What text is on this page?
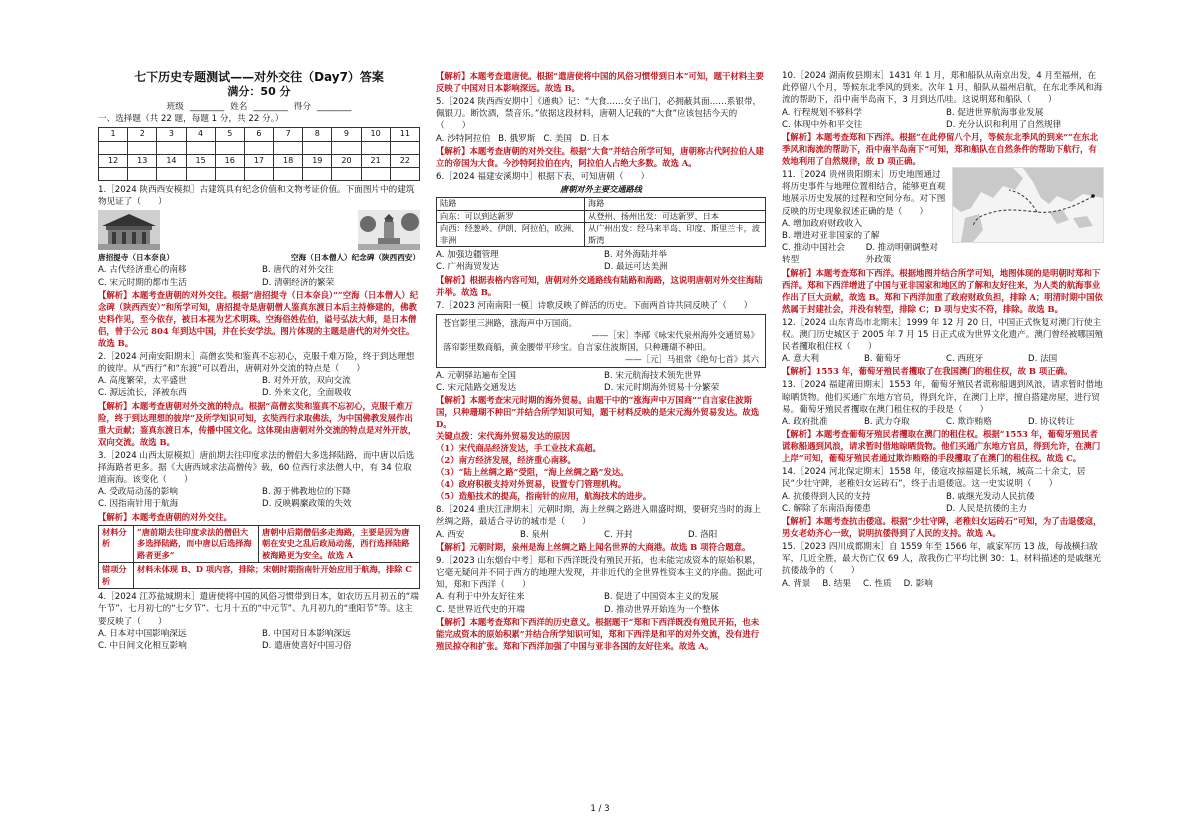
七下历史专题测试——对外交往（Day7）答案
满分：50 分
班级 ________ 姓名 ________ 得分 ________
一、选择题（共 22 题，每题 1 分，共 22 分。）
1	2	3	4	5	6	7	8	9	10	11

12	13	14	15	16	17	18	19	20	21	22

1.［2024 陕西西安模拟］古建筑具有纪念价值和文物考证价值。下面图片中的建筑物见证了（　　）
唐招提寺（日本奈良）	空海（日本僧人）纪念碑（陕西西安）
A. 古代经济重心的南移	B. 唐代的对外交往
C. 宋元时期的都市生活	D. 清朝经济的繁荣
【解析】本题考查唐朝的对外交往。根据“唐招提寺（日本奈良）”“空海（日本僧人）纪念碑（陕西西安）”和所学可知，唐招提寺是唐朝僧人鉴真东渡日本后主持修建的，佛教史料作见，至今依存，被日本视为艺术明珠。空海俗姓佐伯，谥号弘法大师，是日本僧侣，曾于公元 804 年到达中国，并在长安学法。图片体现的主题是唐代的对外交往。故选 B。
2.［2024 河南安阳期末］高僧玄奘和鉴真不忘初心，克服千难万险，终于到达理想的彼岸。从“西行”和“东渡”可以看出，唐朝对外交流的特点是（　　）
A. 高度繁荣，太平盛世	B. 对外开放，双向交流
C. 源远流长，泽被东西	D. 外来文化，全面吸收
【解析】本题考查唐朝对外交流的特点。根据“高僧玄奘和鉴真不忘初心，克服千难万险，终于到达理想的彼岸”及所学知识可知，玄奘西行求取佛法，为中国佛教发展作出重大贡献；鉴真东渡日本，传播中国文化。这体现由唐朝对外交流的特点是对外开放，双向交流。故选 B。
3.［2024 山西太原模拟］唐前期去往印度求法的僧侣大多选择陆路，而中唐以后选择海路者更多。据《大唐西域求法高僧传》载，60 位西行求法僧人中，有 34 位取道南海。该变化（　　）
A. 受政局动荡的影响	B. 源于佛教地位的下降
C. 因指南针用于航海	D. 反映羁縻政策的失效
【解析】本题考查唐朝的对外交往。
材料分析	“唐前期去往印度求法的僧侣大多选择陆路，而中唐以后选择海路者更多”	唐朝中后期僧侣多走海路，主要是因为唐朝在安史之乱后政局动荡，西行选择陆路被海路更为安全。故选 A
错项分析	材料未体现 B、D 项内容，排除；宋朝时期指南针开始应用于航海，排除 C	
4.［2024 江苏盐城期末］遣唐使将中国的风俗习惯带到日本，如农历五月初五的“端午节”、七月初七的“七夕节”、七月十五的“中元节”、九月初九的“重阳节”等。这主要反映了（　　）
A. 日本对中国影响深远	B. 中国对日本影响深远
C. 中日间文化相互影响	D. 遣唐使喜好中国习俗
【解析】本题考查遣唐使。根据“遣唐使将中国的风俗习惯带到日本”可知，题干材料主要反映了中国对日本影响深远。故选 B。
5.［2024 陕西西安期中］《通典》记：“大食……女子出门，必拥蔽其面……系银带，佩银刀。断饮酒，禁音乐。”依据这段材料，唐朝人记载的“大食”应该包括今天的（　　）
A. 沙特阿拉伯 B. 俄罗斯 C. 美国 D. 日本
【解析】本题考查唐朝的对外交往。根据“大食”并结合所学可知，唐朝称古代阿拉伯人建立的帝国为大食。今沙特阿拉伯在内，阿拉伯人占绝大多数。故选 A。
6.［2024 福建安溪期中］根据下表，可知唐朝（　　）
唐朝对外主要交通路线
陆路	海路
向东：可以到达新罗	从登州、扬州出发：可达新罗、日本
向西：经葱岭、伊朗、阿拉伯，欧洲、非洲	从广州出发：经马来半岛、印度、斯里兰卡，波斯湾
A. 加强边疆管理	B. 对外海陆并举
C. 广州海贸发达	D. 最远可达美洲
【解析】根据表格内容可知，唐朝对外交通路线有陆路和海路，这说明唐朝对外交往海陆并举。故选 B。
7.［2023 河南南阳一模］诗歌反映了鲜活的历史。下面两首诗共同反映了（　　）
苍官影里三洲路，涨海声中万国商。
——［宋］李邴《咏宋代泉州海外交通贸易》
落帘影里数商船，黄金腰带平珍宝。自言家住波斯国，只种珊瑚不种田。
——［元］马祖常《绝句七首》其六
A. 元朝驿站遍布全国	B. 宋元航海技术领先世界
C. 宋元陆路交通发达	D. 宋元时期海外贸易十分繁荣
【解析】本题考查宋元时期的海外贸易。由题干中的“涨海声中万国商”“自言家住波斯国，只种珊瑚不种田”并结合所学知识可知，题干材料反映的是宋元海外贸易发达。故选 D。
关键点拨：宋代海外贸易发达的原因
（1）宋代商品经济发达，手工业技术高超。
（2）南方经济发展，经济重心南移。
（3）“陆上丝绸之路”受阻，“海上丝绸之路”发达。
（4）政府积极支持对外贸易，设置专门管理机构。
（5）造船技术的提高，指南针的应用，航海技术的进步。
8.［2024 重庆江津期末］元朝时期，海上丝绸之路进入鼎盛时期，要研究当时的海上丝绸之路，最适合寻访的城市是（　　）
A. 西安	B. 泉州	C. 开封	D. 洛阳
【解析】元朝时期，泉州是海上丝绸之路上闻名世界的大商港。故选 B 项符合题意。
9.［2023 山东烟台中考］郑和下西洋既没有殖民开拓，也未能完成资本的原始积累，它毫无疑问并不同于西方的地理大发现，并非近代的全世界性资本主义的序曲。据此可知，郑和下西洋（　　）
A. 有利于中外友好往来	B. 促进了中国资本主义的发展
C. 是世界近代史的开端	D. 推动世界开始连为一个整体
【解析】本题考查郑和下西洋的历史意义。根据题干“郑和下西洋既没有殖民开拓，也未能完成资本的原始积累”并结合所学知识可知，郑和下西洋是和平的对外交流，没有进行殖民掠夺和扩张。郑和下西洋加强了中国与亚非各国的友好往来。故选 A。
10.［2024 湖南攸县期末］1431 年 1 月，郑和船队从南京出发，4 月至福州，在此停留八个月，等候东北季风的到来。次年 1 月，船队从福州启航，在东北季风和海流的帮助下，沿中南半岛南下，3 月到达爪哇。这说明郑和船队（　　）
A. 行程规划不够科学	B. 促进世界航海事业发展
C. 体现中外和平交往	D. 充分认识和利用了自然规律
【解析】本题考查郑和下西洋。根据“在此停留八个月，等候东北季风的到来”“在东北季风和海流的帮助下，沿中南半岛南下”可知，郑和船队在自然条件的帮助下航行，有效地利用了自然规律，故 D 项正确。
11.［2024 贵州贵阳期末］历史地图通过将历史事件与地理位置相结合，能够更直观地展示历史发展的过程和空间分布。对下图反映的历史现象叙述正确的是（　　）
A. 增加政府财政收入
B. 增进对亚非国家的了解
C. 推动中国社会转型
D. 推动明朝调整对外政策
【解析】本题考查郑和下西洋。根据地图并结合所学可知，地图体现的是明朝时郑和下西洋。郑和下西洋增进了中国与亚非国家和地区的了解和友好往来，为人类的航海事业作出了巨大贡献，故选 B。郑和下西洋加重了政府财政负担，排除 A；明清时期中国依然属于封建社会，并没有转型，排除 C；D 项与史实不符，排除。故选 B。
12.［2024 山东青岛市北期末］1999 年 12 月 20 日，中国正式恢复对澳门行使主权。澳门历史城区于 2005 年 7 月 15 日正式成为世界文化遗产。澳门曾经被哪国殖民者攫取租住权（　　）
A. 意大利	B. 葡萄牙	C. 西班牙	D. 法国
【解析】1553 年，葡萄牙殖民者攫取了在我国澳门的租住权，故 B 项正确。
13.［2024 福建莆田期末］1553 年，葡萄牙殖民者谎称船遇到风浪，请求暂时借地晾晒货物。他们买通广东地方官员，得到允许，在澳门上岸，擅自搭建房屋，进行贸易。葡萄牙殖民者攫取在澳门租住权的手段是（　　）
A. 政府批准	B. 武力夺取	C. 欺诈贿赂	D. 协议转让
【解析】本题考查葡萄牙殖民者攫取在澳门的租住权。根据“1553 年，葡萄牙殖民者谎称船遇到风浪，请求暂时借地晾晒货物。他们买通广东地方官员，得到允许，在澳门上岸”可知，葡萄牙殖民者通过欺诈贿赂的手段攫取了在澳门的租住权。故选 C。
14.［2024 河北保定期末］1558 年，倭寇攻掠福建长乐城，城高二十余丈，居民“少壮守陴，老稚妇女运砖石”，终于击退倭寇。这一史实说明（　　）
A. 抗倭得到人民的支持	B. 戚继光发动人民抗倭
C. 解除了东南沿海倭患	D. 人民是抗倭的主力
【解析】本题考查抗击倭寇。根据“少壮守陴，老稚妇女运砖石”可知，为了击退倭寇，男女老幼齐心一致，说明抗倭得到了人民的支持。故选 A。
15.［2023 四川成都期末］自 1559 年至 1566 年，戚家军历 13 战，每战横扫敌军，几近全胜，最大伤亡仅 69 人，敌我伤亡平均比例 30：1。材料描述的是戚继光抗倭战争的（　　）
A. 背景 B. 结果 C. 性质 D. 影响
1 / 3
